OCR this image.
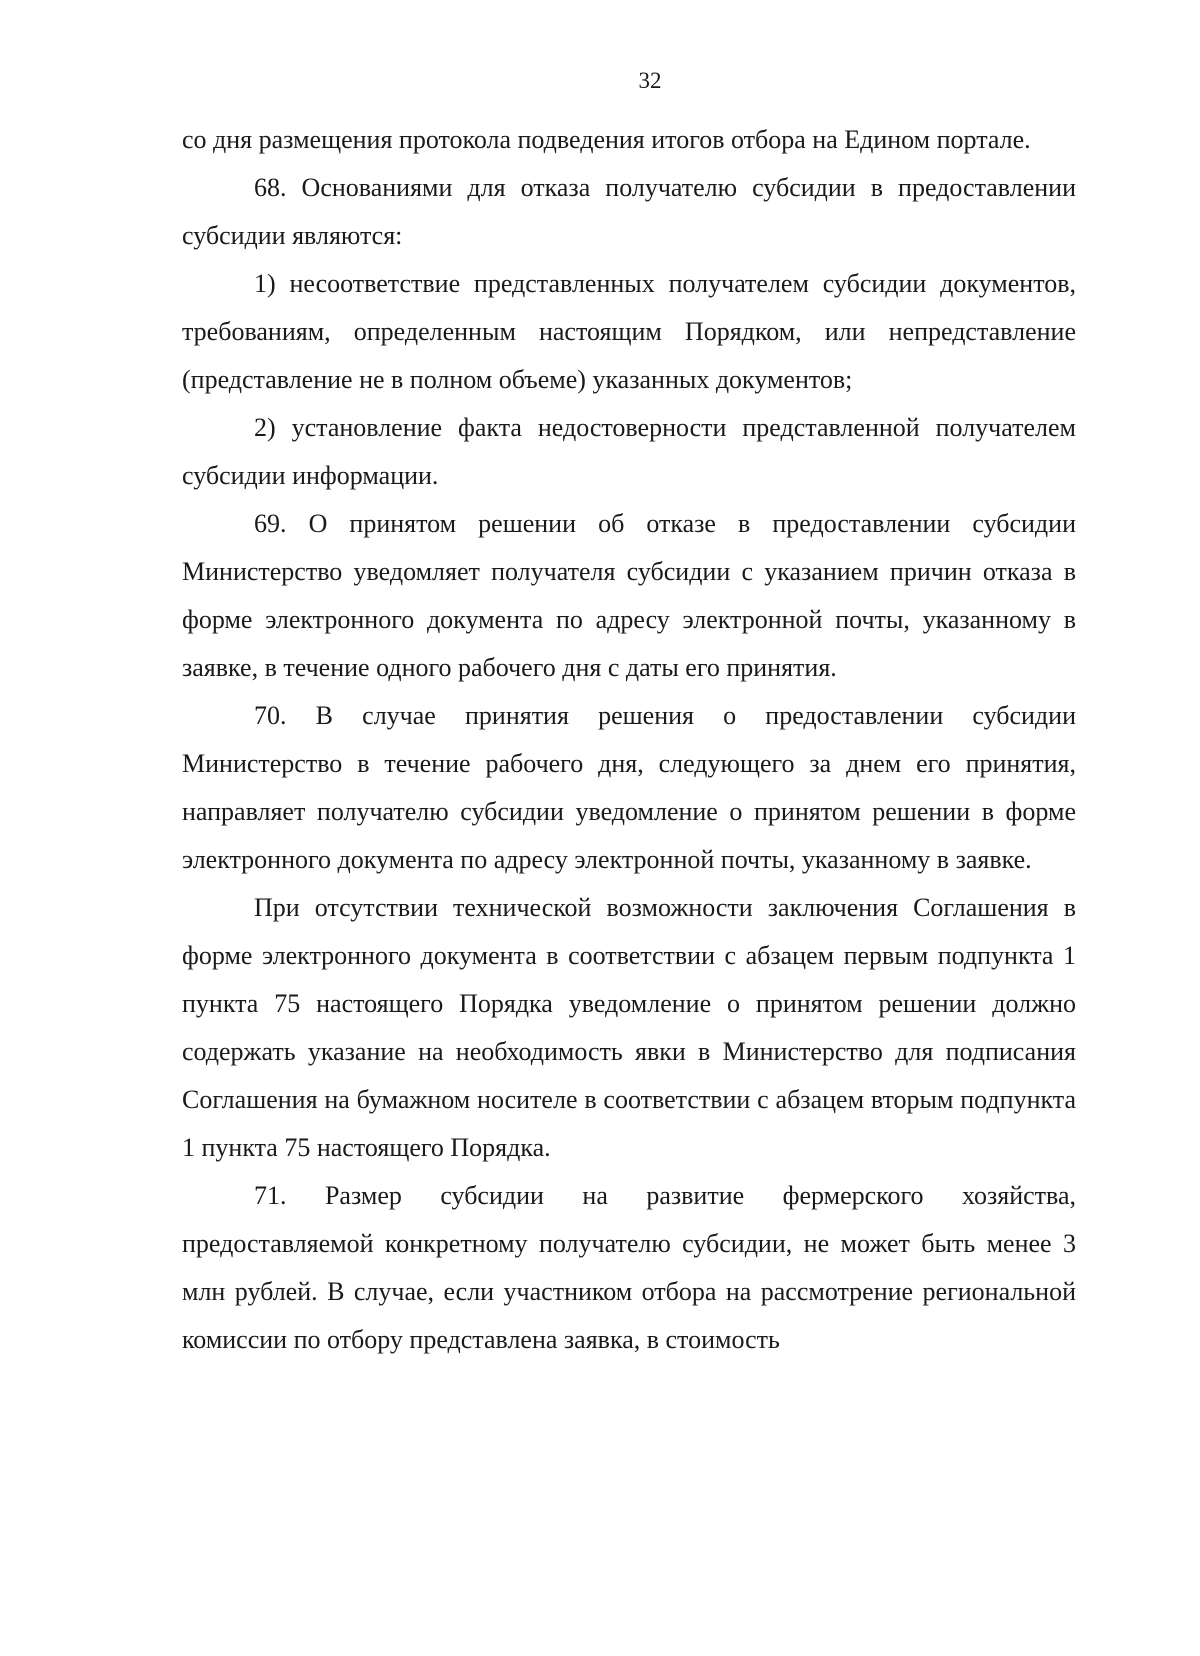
32

со дня размещения протокола подведения итогов отбора на Едином порталe.

68. Основаниями для отказа получателю субсидии в предоставлении субсидии являются:

1) несоответствие представленных получателем субсидии документов, требованиям, определенным настоящим Порядком, или непредставление (представление не в полном объеме) указанных документов;

2) установление факта недостоверности представленной получателем субсидии информации.

69. О принятом решении об отказе в предоставлении субсидии Министерство уведомляет получателя субсидии с указанием причин отказа в форме электронного документа по адресу электронной почты, указанному в заявке, в течение одного рабочего дня с даты его принятия.

70. В случае принятия решения о предоставлении субсидии Министерство в течение рабочего дня, следующего за днем его принятия, направляет получателю субсидии уведомление о принятом решении в форме электронного документа по адресу электронной почты, указанному в заявке.

При отсутствии технической возможности заключения Соглашения в форме электронного документа в соответствии с абзацем первым подпункта 1 пункта 75 настоящего Порядка уведомление о принятом решении должно содержать указание на необходимость явки в Министерство для подписания Соглашения на бумажном носителе в соответствии с абзацем вторым подпункта 1 пункта 75 настоящего Порядка.

71. Размер субсидии на развитие фермерского хозяйства, предоставляемой конкретному получателю субсидии, не может быть менее 3 млн рублей. В случае, если участником отбора на рассмотрение региональной комиссии по отбору представлена заявка, в стоимость
